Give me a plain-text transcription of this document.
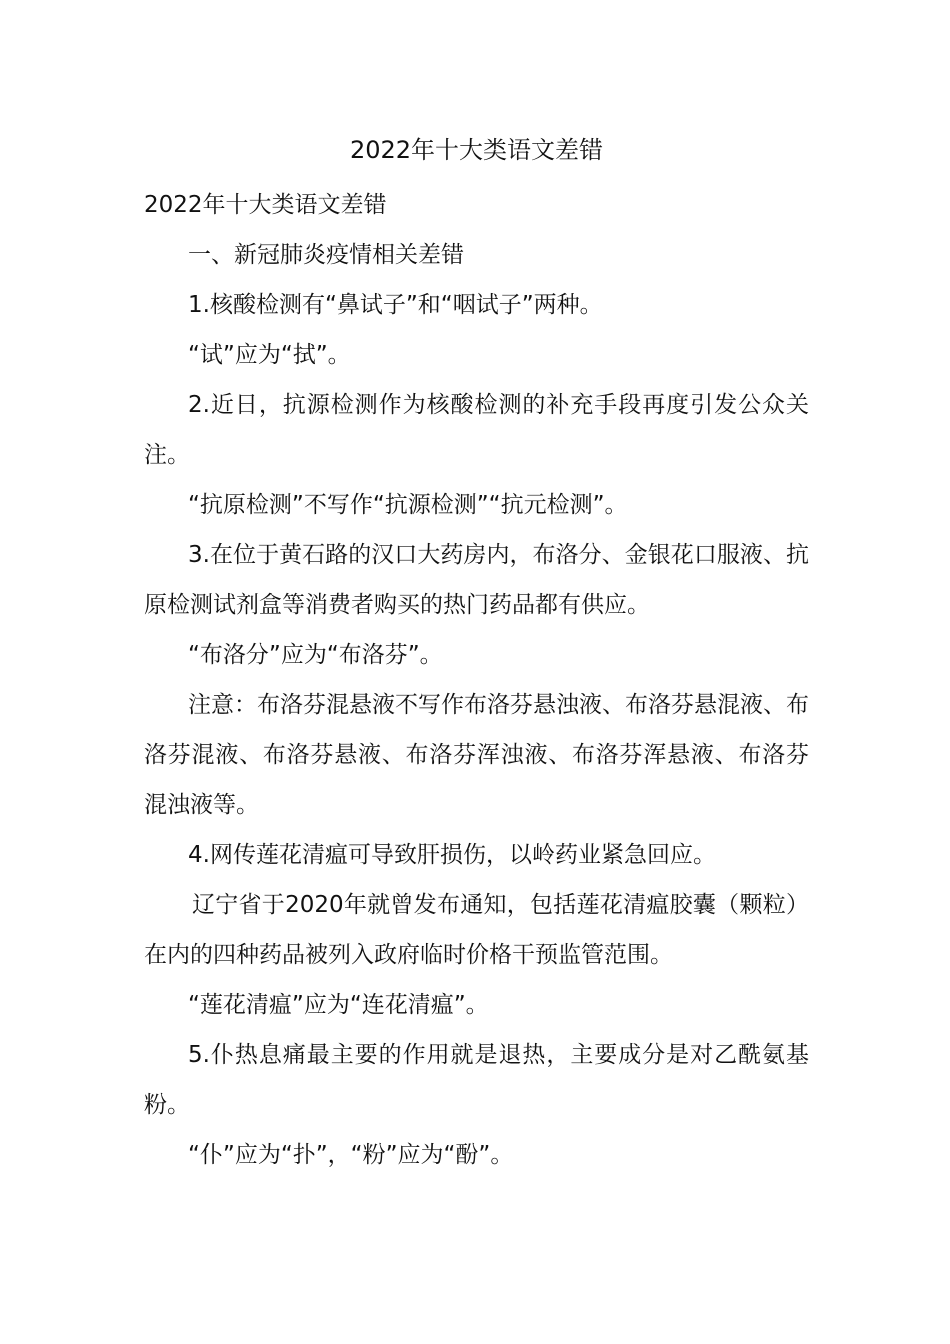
2022年十大类语文差错

2022年十大类语文差错

一、新冠肺炎疫情相关差错

1.核酸检测有“鼻试子”和“咽试子”两种。

“试”应为“拭”。

2.近日，抗源检测作为核酸检测的补充手段再度引发公众关注。

“抗原检测”不写作“抗源检测”“抗元检测”。

3.在位于黄石路的汉口大药房内，布洛分、金银花口服液、抗原检测试剂盒等消费者购买的热门药品都有供应。

“布洛分”应为“布洛芬”。

注意：布洛芬混悬液不写作布洛芬悬浊液、布洛芬悬混液、布洛芬混液、布洛芬悬液、布洛芬浑浊液、布洛芬浑悬液、布洛芬混浊液等。

4.网传莲花清瘟可导致肝损伤，以岭药业紧急回应。

辽宁省于2020年就曾发布通知，包括莲花清瘟胶囊（颗粒）在内的四种药品被列入政府临时价格干预监管范围。

“莲花清瘟”应为“连花清瘟”。

5.仆热息痛最主要的作用就是退热，主要成分是对乙酰氨基粉。

“仆”应为“扑”，“粉”应为“酚”。
